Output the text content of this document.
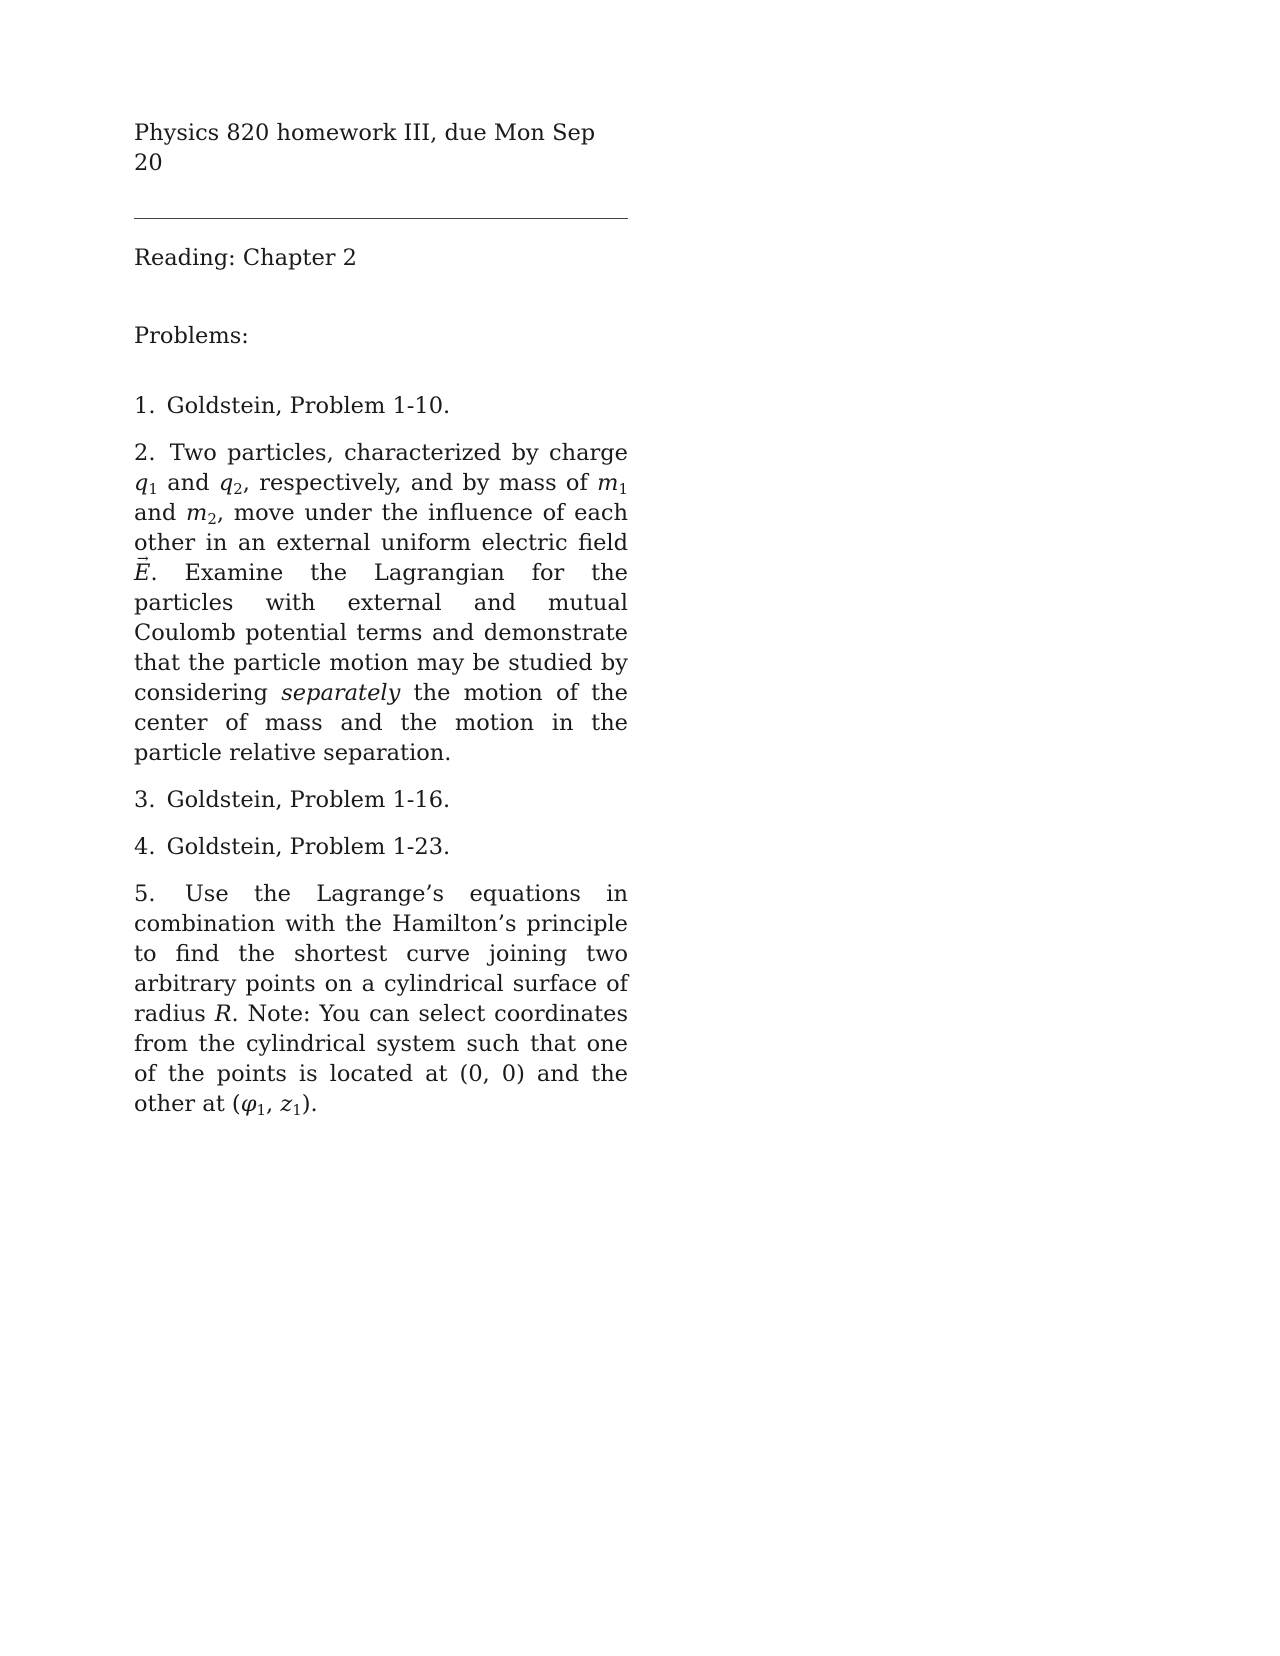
Physics 820 homework III, due Mon Sep 20
Reading: Chapter 2
Problems:

1. Goldstein, Problem 1-10.

2. Two particles, characterized by charge $q_1$ and $q_2$, respectively, and by mass of $m_1$ and $m_2$, move under the influence of each other in an external uniform electric field → E. Examine the Lagrangian for the particles with external and mutual Coulomb potential terms and demonstrate that the particle motion may be studied by considering separately the motion of the center of mass and the motion in the particle relative separation.

3. Goldstein, Problem 1-16.

4. Goldstein, Problem 1-23.

5. Use the Lagrange’s equations in combination with the Hamilton’s principle to find the shortest curve joining two arbitrary points on a cylindrical surface of radius R. Note: You can select coordinates from the cylindrical system such that one of the points is located at (0, 0) and the other at ($\varphi_1$, $z_1$).
